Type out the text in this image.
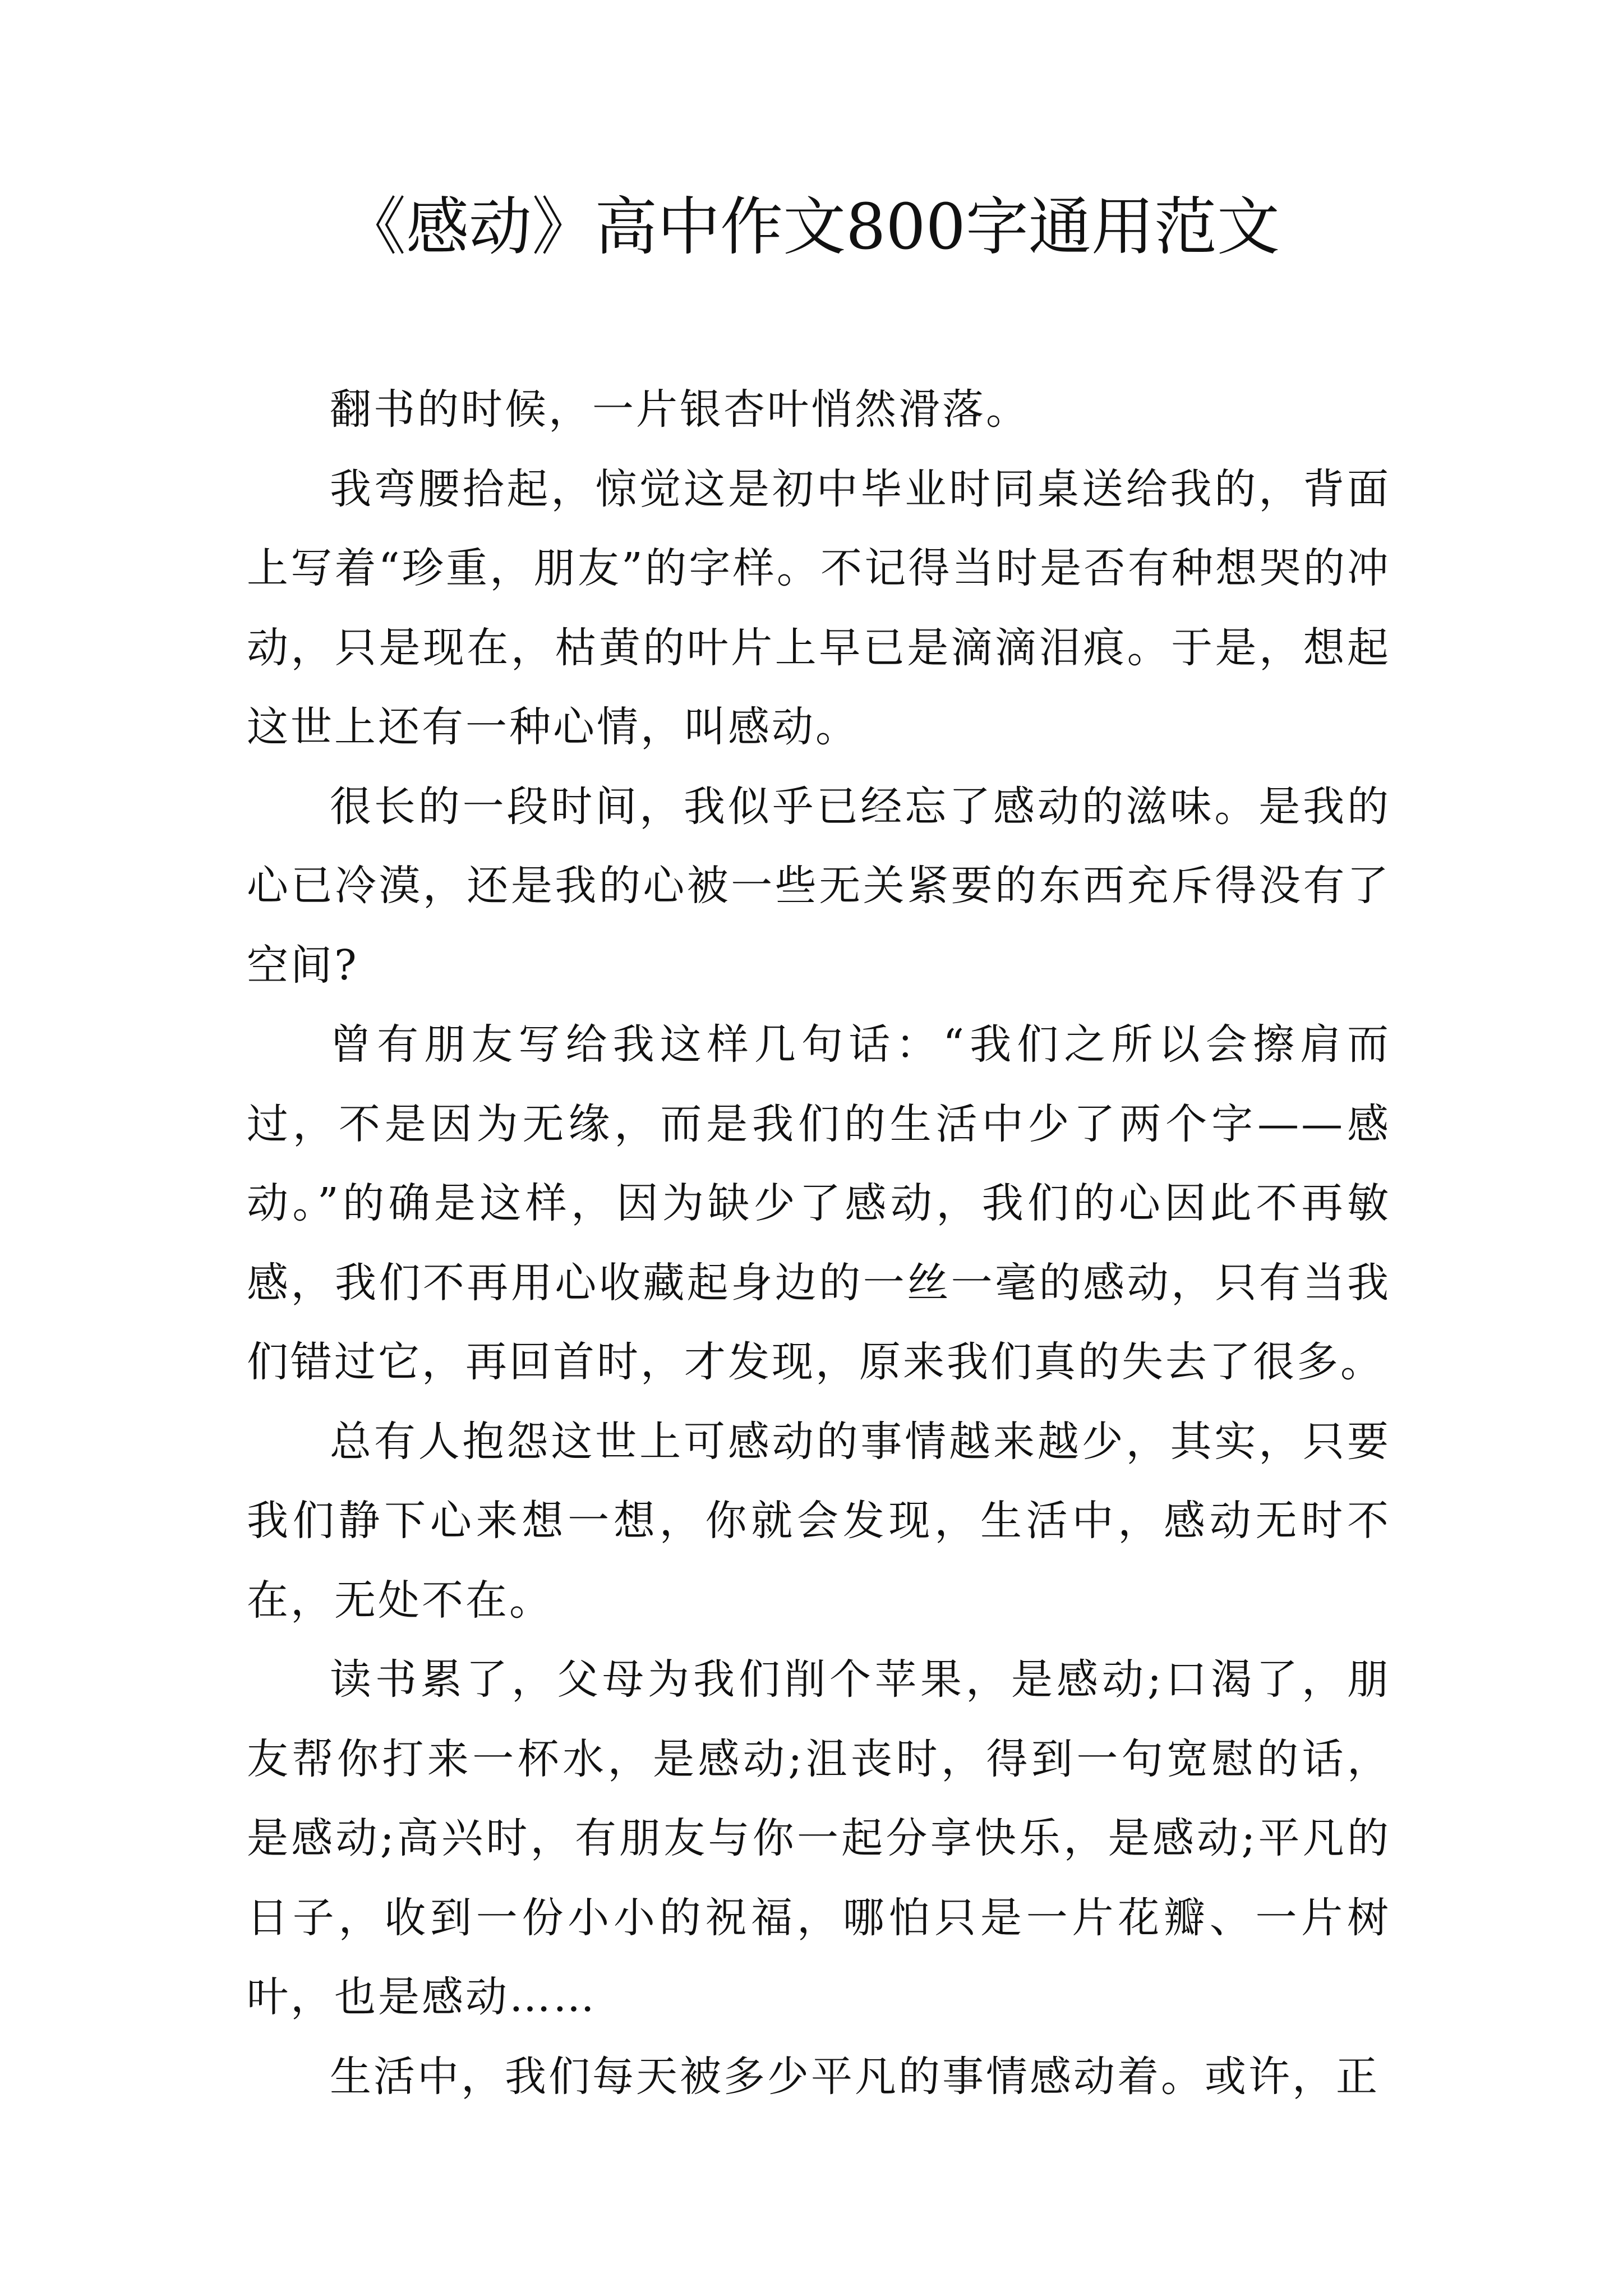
《感动》高中作文800字通用范文

翻书的时候，一片银杏叶悄然滑落。

我弯腰拾起，惊觉这是初中毕业时同桌送给我的，背面上写着“珍重，朋友”的字样。不记得当时是否有种想哭的冲动，只是现在，枯黄的叶片上早已是滴滴泪痕。于是，想起这世上还有一种心情，叫感动。

很长的一段时间，我似乎已经忘了感动的滋味。是我的心已冷漠，还是我的心被一些无关紧要的东西充斥得没有了空间?

曾有朋友写给我这样几句话：“我们之所以会擦肩而过，不是因为无缘，而是我们的生活中少了两个字——感动。”的确是这样，因为缺少了感动，我们的心因此不再敏感，我们不再用心收藏起身边的一丝一毫的感动，只有当我们错过它，再回首时，才发现，原来我们真的失去了很多。

总有人抱怨这世上可感动的事情越来越少，其实，只要我们静下心来想一想，你就会发现，生活中，感动无时不在，无处不在。

读书累了，父母为我们削个苹果，是感动;口渴了，朋友帮你打来一杯水，是感动;沮丧时，得到一句宽慰的话，是感动;高兴时，有朋友与你一起分享快乐，是感动;平凡的日子，收到一份小小的祝福，哪怕只是一片花瓣、一片树叶，也是感动……

生活中，我们每天被多少平凡的事情感动着。或许，正
